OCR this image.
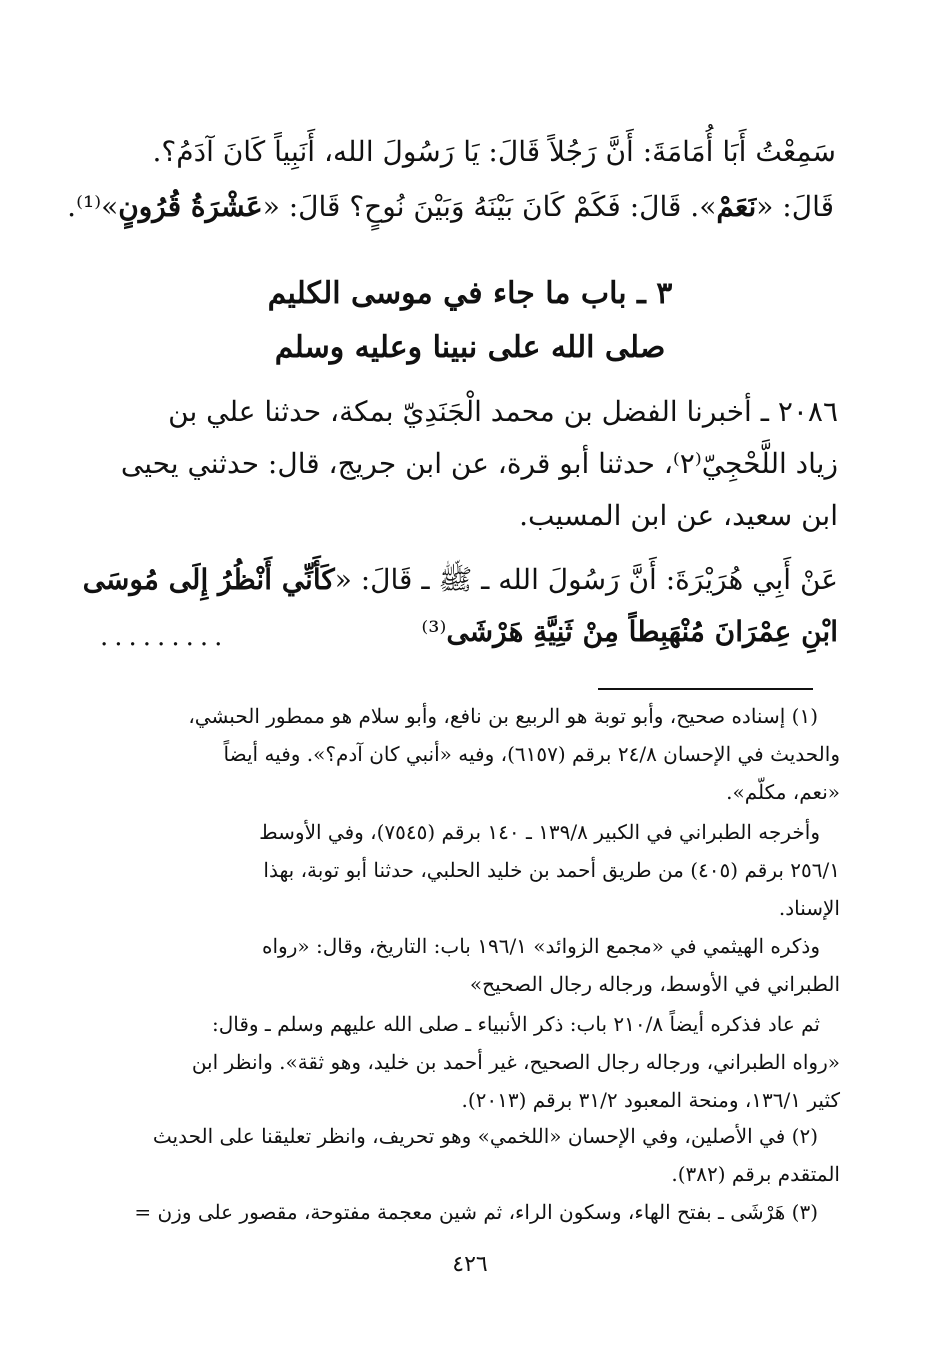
سَمِعْتُ أَبَا أُمَامَةَ: أَنَّ رَجُلاً قَالَ: يَا رَسُولَ الله، أَنَبِياً كَانَ آدَمُ؟.
قَالَ: «نَعَمْ». قَالَ: فَكَمْ كَانَ بَيْنَهُ وَبَيْنَ نُوحٍ؟ قَالَ: «عَشْرَةُ قُرُونٍ»⁽¹⁾.
٣ ـ باب ما جاء في موسى الكليم
صلى الله على نبينا وعليه وسلم
٢٠٨٦ ـ أخبرنا الفضل بن محمد الْجَنَدِيّ بمكة، حدثنا علي بن
زياد اللَّحْجِيّ⁽٢⁾، حدثنا أبو قرة، عن ابن جريج، قال: حدثني يحيى
ابن سعيد، عن ابن المسيب.
عَنْ أَبِي هُرَيْرَةَ: أَنَّ رَسُولَ الله ـ ﷺ ـ قَالَ: «كَأَنِّي أَنْظُرُ إِلَى مُوسَى
ابْنِ عِمْرَانَ مُنْهَبِطاً مِنْ ثَنِيَّةِ هَرْشَى⁽³⁾
.........
(١) إسناده صحيح، وأبو توبة هو الربيع بن نافع، وأبو سلام هو ممطور الحبشي،
والحديث في الإحسان ٢٤/٨ برقم (٦١٥٧)، وفيه «أنبي كان آدم؟». وفيه أيضاً
«نعم، مكلّم».
وأخرجه الطبراني في الكبير ١٣٩/٨ ـ ١٤٠ برقم (٧٥٤٥)، وفي الأوسط
٢٥٦/١ برقم (٤٠٥) من طريق أحمد بن خليد الحلبي، حدثنا أبو توبة، بهذا
الإسناد.
وذكره الهيثمي في «مجمع الزوائد» ١٩٦/١ باب: التاريخ، وقال: «رواه
الطبراني في الأوسط، ورجاله رجال الصحيح»
ثم عاد فذكره أيضاً ٢١٠/٨ باب: ذكر الأنبياء ـ صلى الله عليهم وسلم ـ وقال:
«رواه الطبراني، ورجاله رجال الصحيح، غير أحمد بن خليد، وهو ثقة». وانظر ابن
كثير ١٣٦/١، ومنحة المعبود ٣١/٢ برقم (٢٠١٣).
(٢) في الأصلين، وفي الإحسان «اللخمي» وهو تحريف، وانظر تعليقنا على الحديث
المتقدم برقم (٣٨٢).
(٣) هَرْشَى ـ بفتح الهاء، وسكون الراء، ثم شين معجمة مفتوحة، مقصور على وزن =
٤٢٦
